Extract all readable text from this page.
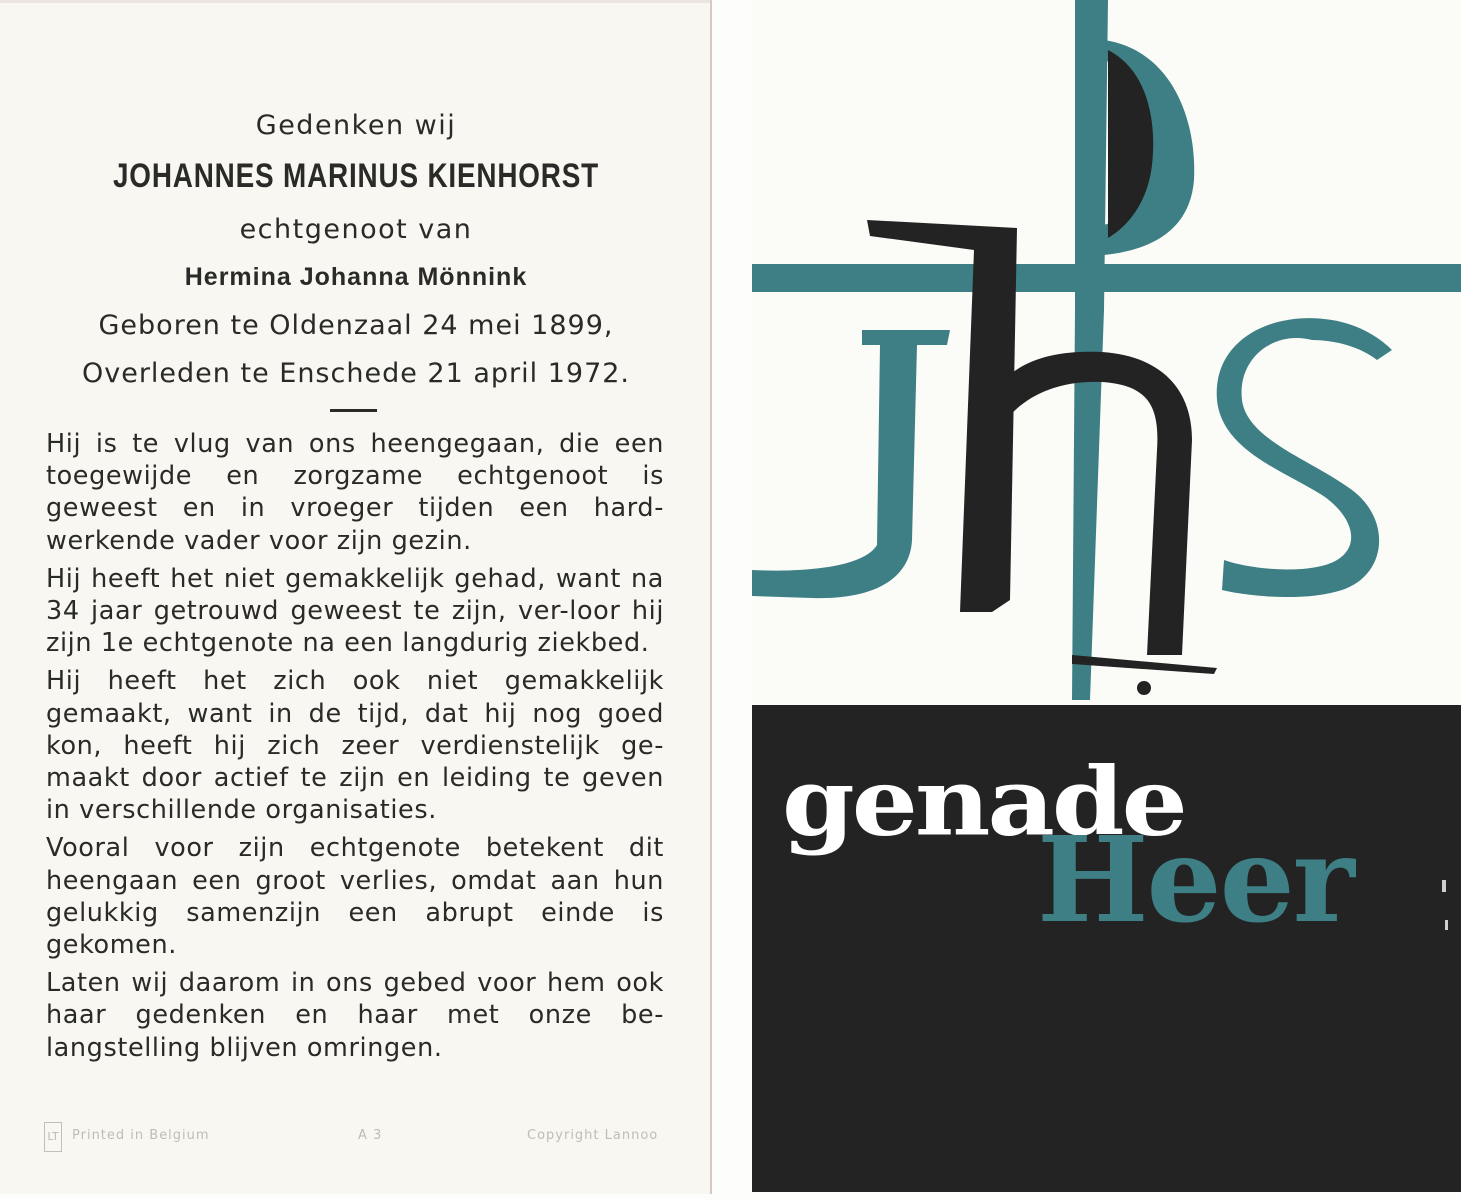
Gedenken wij
JOHANNES MARINUS KIENHORST
echtgenoot van
Hermina Johanna Mönnink
Geboren te Oldenzaal 24 mei 1899,
Overleden te Enschede 21 april 1972.

Hij is te vlug van ons heengegaan, die een toegewijde en zorgzame echtgenoot is geweest en in vroeger tijden een hard-werkende vader voor zijn gezin.

Hij heeft het niet gemakkelijk gehad, want na 34 jaar getrouwd geweest te zijn, ver-loor hij zijn 1e echtgenote na een langdurig ziekbed.

Hij heeft het zich ook niet gemakkelijk gemaakt, want in de tijd, dat hij nog goed kon, heeft hij zich zeer verdienstelijk ge-maakt door actief te zijn en leiding te geven in verschillende organisaties.

Vooral voor zijn echtgenote betekent dit heengaan een groot verlies, omdat aan hun gelukkig samenzijn een abrupt einde is gekomen.

Laten wij daarom in ons gebed voor hem ook haar gedenken en haar met onze be-langstelling blijven omringen.

LT Printed in Belgium	A 3	Copyright Lannoo
genade
Heer
